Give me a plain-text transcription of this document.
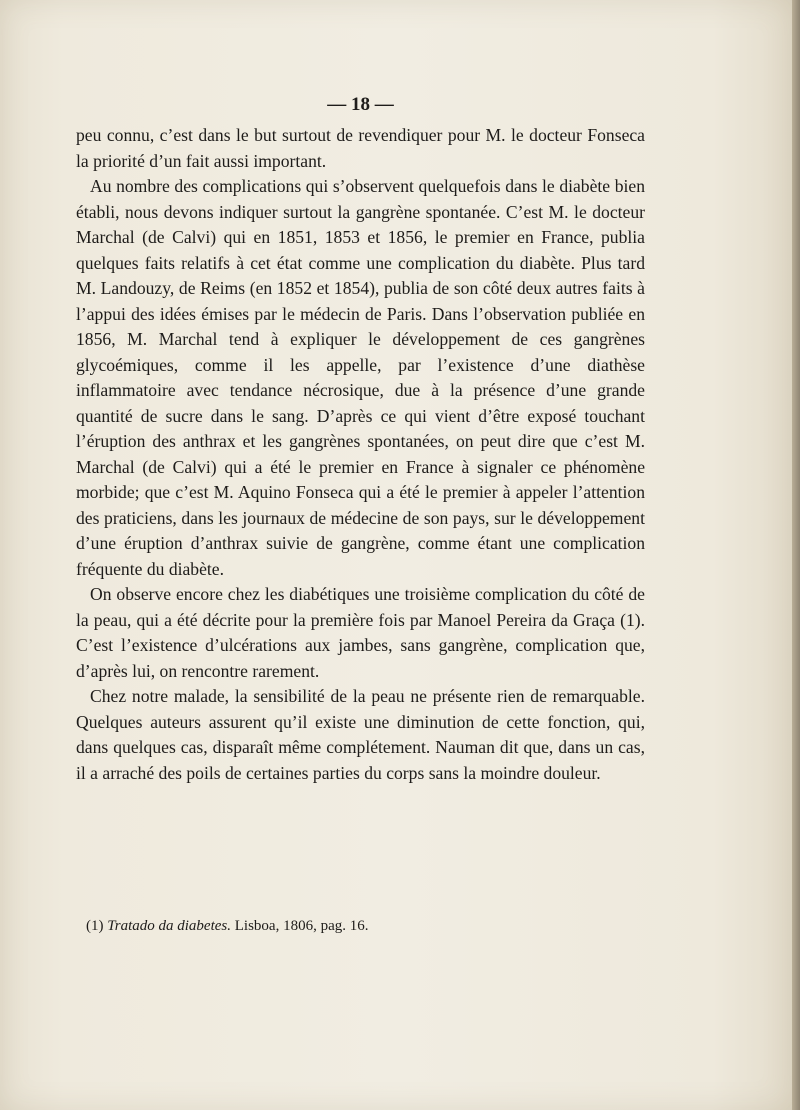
— 18 —

peu connu, c’est dans le but surtout de revendiquer pour M. le docteur Fonseca la priorité d’un fait aussi important.

Au nombre des complications qui s’observent quelquefois dans le diabète bien établi, nous devons indiquer surtout la gangrène spontanée. C’est M. le docteur Marchal (de Calvi) qui en 1851, 1853 et 1856, le premier en France, publia quelques faits relatifs à cet état comme une complication du diabète. Plus tard M. Landouzy, de Reims (en 1852 et 1854), publia de son côté deux autres faits à l’appui des idées émises par le médecin de Paris. Dans l’observation publiée en 1856, M. Marchal tend à expliquer le développement de ces gangrènes glycoémiques, comme il les appelle, par l’existence d’une diathèse inflammatoire avec tendance nécrosique, due à la présence d’une grande quantité de sucre dans le sang. D’après ce qui vient d’être exposé touchant l’éruption des anthrax et les gangrènes spontanées, on peut dire que c’est M. Marchal (de Calvi) qui a été le premier en France à signaler ce phénomène morbide; que c’est M. Aquino Fonseca qui a été le premier à appeler l’attention des praticiens, dans les journaux de médecine de son pays, sur le développement d’une éruption d’anthrax suivie de gangrène, comme étant une complication fréquente du diabète.

On observe encore chez les diabétiques une troisième complication du côté de la peau, qui a été décrite pour la première fois par Manoel Pereira da Graça (1). C’est l’existence d’ulcérations aux jambes, sans gangrène, complication que, d’après lui, on rencontre rarement.

Chez notre malade, la sensibilité de la peau ne présente rien de remarquable. Quelques auteurs assurent qu’il existe une diminution de cette fonction, qui, dans quelques cas, disparaît même complétement. Nauman dit que, dans un cas, il a arraché des poils de certaines parties du corps sans la moindre douleur.

(1) Tratado da diabetes. Lisboa, 1806, pag. 16.
